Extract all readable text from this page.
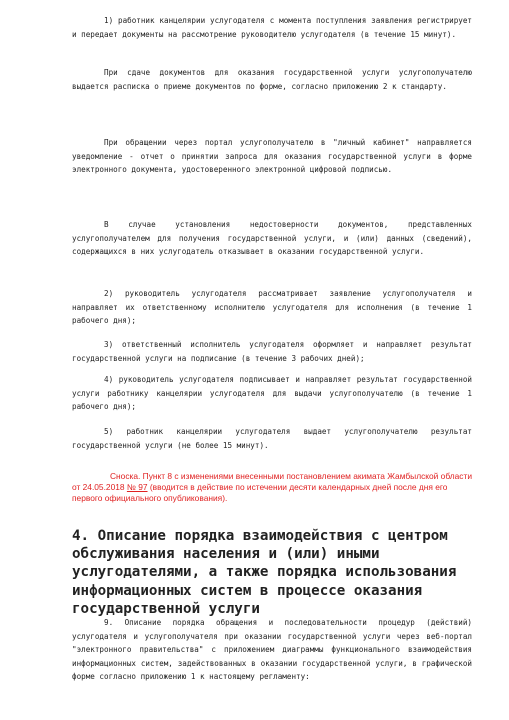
1) работник канцелярии услугодателя с момента поступления заявления регистрирует и передает документы на рассмотрение руководителю услугодателя (в течение 15 минут).

При сдаче документов для оказания государственной услуги услугополучателю выдается расписка о приеме документов по форме, согласно приложению 2 к стандарту.

При обращении через портал услугополучателю в "личный кабинет" направляется уведомление - отчет о принятии запроса для оказания государственной услуги в форме электронного документа, удостоверенного электронной цифровой подписью.

В случае установления недостоверности документов, представленных услугополучателем для получения государственной услуги, и (или) данных (сведений), содержащихся в них услугодатель отказывает в оказании государственной услуги.

2) руководитель услугодателя рассматривает заявление услугополучателя и направляет их ответственному исполнителю услугодателя для исполнения (в течение 1 рабочего дня);

3) ответственный исполнитель услугодателя оформляет и направляет результат государственной услуги на подписание (в течение 3 рабочих дней);

4) руководитель услугодателя подписывает и направляет результат государственной услуги работнику канцелярии услугодателя для выдачи услугополучателю (в течение 1 рабочего дня);

5) работник канцелярии услугодателя выдает услугополучателю результат государственной услуги (не более 15 минут).

Сноска. Пункт 8 с изменениями внесенными постановлением акимата Жамбылской области от 24.05.2018 № 97 (вводится в действие по истечении десяти календарных дней после дня его первого официального опубликования).

4. Описание порядка взаимодействия с центром обслуживания населения и (или) иными услугодателями, а также порядка использования информационных систем в процессе оказания государственной услуги

9. Описание порядка обращения и последовательности процедур (действий) услугодателя и услугополучателя при оказании государственной услуги через веб-портал "электронного правительства" с приложением диаграммы функционального взаимодействия информационных систем, задействованных в оказании государственной услуги, в графической форме согласно приложению 1 к настоящему регламенту:
